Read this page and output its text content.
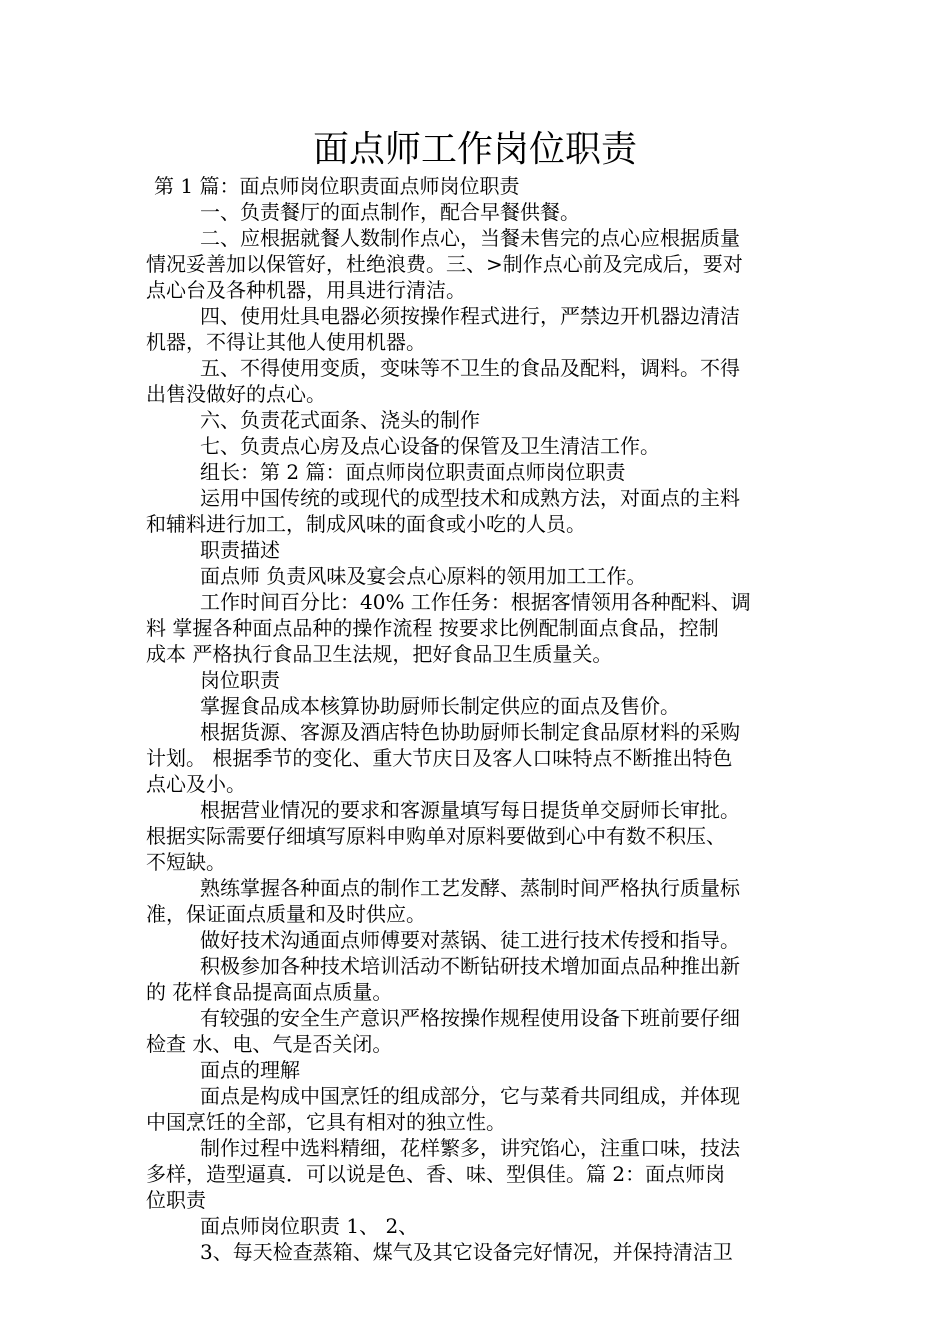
面点师工作岗位职责
第 1 篇：面点师岗位职责面点师岗位职责
一、负责餐厅的面点制作，配合早餐供餐。
二、应根据就餐人数制作点心，当餐未售完的点心应根据质量
情况妥善加以保管好，杜绝浪费。三、>制作点心前及完成后，要对
点心台及各种机器，用具进行清洁。
四、使用灶具电器必须按操作程式进行，严禁边开机器边清洁
机器，不得让其他人使用机器。
五、不得使用变质，变味等不卫生的食品及配料，调料。不得
出售没做好的点心。
六、负责花式面条、浇头的制作
七、负责点心房及点心设备的保管及卫生清洁工作。
组长：第 2 篇：面点师岗位职责面点师岗位职责
运用中国传统的或现代的成型技术和成熟方法，对面点的主料
和辅料进行加工，制成风味的面食或小吃的人员。
职责描述
面点师 负责风味及宴会点心原料的领用加工工作。
工作时间百分比：40% 工作任务：根据客情领用各种配料、调
料 掌握各种面点品种的操作流程 按要求比例配制面点食品，控制
成本 严格执行食品卫生法规，把好食品卫生质量关。
岗位职责
掌握食品成本核算协助厨师长制定供应的面点及售价。
根据货源、客源及酒店特色协助厨师长制定食品原材料的采购
计划。 根据季节的变化、重大节庆日及客人口味特点不断推出特色
点心及小。
根据营业情况的要求和客源量填写每日提货单交厨师长审批。
根据实际需要仔细填写原料申购单对原料要做到心中有数不积压、
不短缺。
熟练掌握各种面点的制作工艺发酵、蒸制时间严格执行质量标
准，保证面点质量和及时供应。
做好技术沟通面点师傅要对蒸锅、徒工进行技术传授和指导。
积极参加各种技术培训活动不断钻研技术增加面点品种推出新
的 花样食品提高面点质量。
有较强的安全生产意识严格按操作规程使用设备下班前要仔细
检查 水、电、气是否关闭。
面点的理解
面点是构成中国烹饪的组成部分，它与菜肴共同组成，并体现
中国烹饪的全部，它具有相对的独立性。
制作过程中选料精细，花样繁多，讲究馅心，注重口味，技法
多样，造型逼真．可以说是色、香、味、型俱佳。篇 2：面点师岗
位职责
面点师岗位职责 1、 2、
3、每天检查蒸箱、煤气及其它设备完好情况，并保持清洁卫
